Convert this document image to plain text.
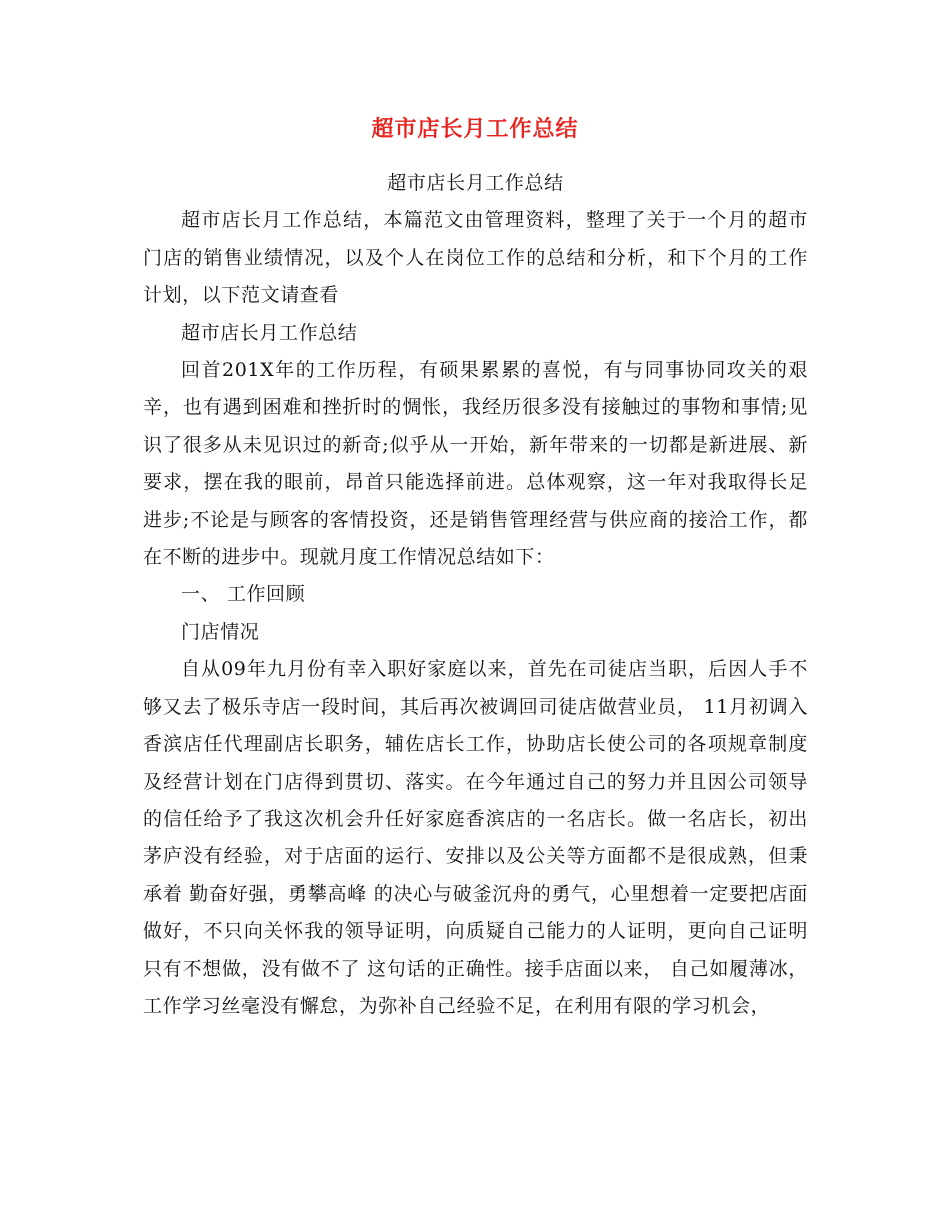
超市店长月工作总结

超市店长月工作总结

超市店长月工作总结，本篇范文由管理资料，整理了关于一个月的超市门店的销售业绩情况，以及个人在岗位工作的总结和分析，和下个月的工作计划，以下范文请查看

超市店长月工作总结

回首201X年的工作历程，有硕果累累的喜悦，有与同事协同攻关的艰辛，也有遇到困难和挫折时的惆怅，我经历很多没有接触过的事物和事情;见识了很多从未见识过的新奇;似乎从一开始，新年带来的一切都是新进展、新要求，摆在我的眼前，昂首只能选择前进。总体观察，这一年对我取得长足进步;不论是与顾客的客情投资，还是销售管理经营与供应商的接洽工作，都在不断的进步中。现就月度工作情况总结如下：

一、 工作回顾

门店情况

自从09年九月份有幸入职好家庭以来，首先在司徒店当职，后因人手不够又去了极乐寺店一段时间，其后再次被调回司徒店做营业员， 11月初调入香滨店任代理副店长职务，辅佐店长工作，协助店长使公司的各项规章制度及经营计划在门店得到贯切、落实。在今年通过自己的努力并且因公司领导的信任给予了我这次机会升任好家庭香滨店的一名店长。做一名店长，初出茅庐没有经验，对于店面的运行、安排以及公关等方面都不是很成熟，但秉承着 勤奋好强，勇攀高峰 的决心与破釜沉舟的勇气，心里想着一定要把店面做好，不只向关怀我的领导证明，向质疑自己能力的人证明，更向自己证明 只有不想做，没有做不了 这句话的正确性。接手店面以来， 自己如履薄冰，工作学习丝毫没有懈怠，为弥补自己经验不足，在利用有限的学习机会，
